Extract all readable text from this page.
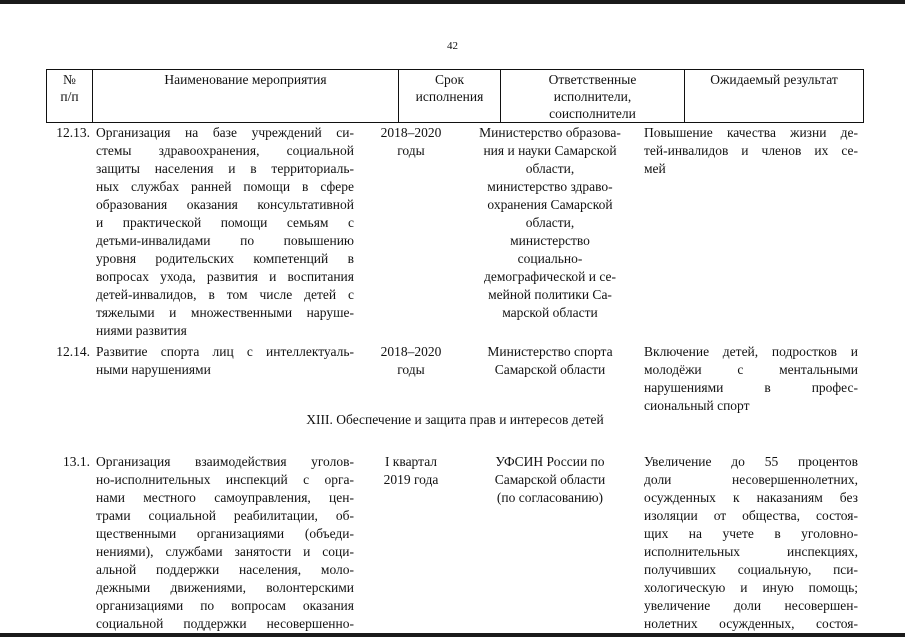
42
№
п/п
Наименование мероприятия	Срок
исполнения
Ответственные
исполнители,
соисполнители
Ожидаемый результат
12.13. Организация на базе учреждений си-
стемы здравоохранения, социальной
защиты населения и в территориаль-
ных службах ранней помощи в сфере
образования оказания консультативной
и практической помощи семьям с
детьми-инвалидами по повышению
уровня родительских компетенций в
вопросах ухода, развития и воспитания
детей-инвалидов, в том числе детей с
тяжелыми и множественными наруше-
ниями развития
2018–2020
годы
Министерство образова-
ния и науки Самарской
области,
министерство здраво-
охранения Самарской
области,
министерство
социально-
демографической и се-
мейной политики Са-
марской области
Повышение качества жизни де-
тей-инвалидов и членов их се-
мей
12.14. Развитие спорта лиц с интеллектуаль-
ными нарушениями
2018–2020
годы
Министерство спорта
Самарской области
Включение детей, подростков и
молодёжи с ментальными
нарушениями в профес-
сиональный спорт
XIII. Обеспечение и защита прав и интересов детей
13.1. Организация взаимодействия уголов-
но-исполнительных инспекций с орга-
нами местного самоуправления, цен-
трами социальной реабилитации, об-
щественными организациями (объеди-
нениями), службами занятости и соци-
альной поддержки населения, моло-
дежными движениями, волонтерскими
организациями по вопросам оказания
социальной поддержки несовершенно-
I квартал
2019 года
УФСИН России по
Самарской области
(по согласованию)
Увеличение до 55 процентов
доли несовершеннолетних,
осужденных к наказаниям без
изоляции от общества, состоя-
щих на учете в уголовно-
исполнительных инспекциях,
получивших социальную, пси-
хологическую и иную помощь;
увеличение доли несовершен-
нолетних осужденных, состоя-
